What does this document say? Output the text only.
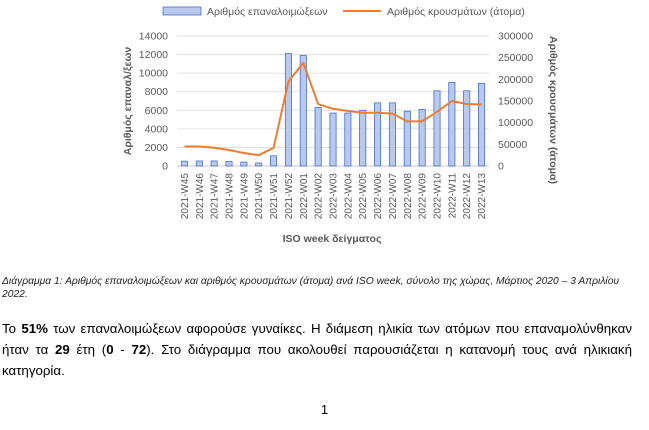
Αριθμός επαναλοιμώξεων	Αριθμός κρουσμάτων (άτομα)
0
2000
4000
6000
8000
10000
12000
14000
0
50000
100000
150000
200000
250000
300000
2021-W45 2021-W46 2021-W47 2021-W48 2021-W49 2021-W50 2021-W51 2021-W52 2022-W01 2022-W02 2022-W03 2022-W04 2022-W05 2022-W06 2022-W07 2022-W08 2022-W09 2022-W10 2022-W11 2022-W12 2022-W13
Αριθμός επαναλ/ξεων	Αριθμός κρουσμάτων (άτομα)
ISO week δείγματος
Διάγραμμα 1: Αριθμός επαναλοιμώξεων και αριθμός κρουσμάτων (άτομα) ανά ISO week, σύνολο της χώρας, Μάρτιος 2020 – 3 Απριλίου 2022.
Το 51% των επαναλοιμώξεων αφορούσε γυναίκες. Η διάμεση ηλικία των ατόμων που επαναμολύνθηκαν ήταν τα 29 έτη (0 - 72). Στο διάγραμμα που ακολουθεί παρουσιάζεται η κατανομή τους ανά ηλικιακή κατηγορία.
1
